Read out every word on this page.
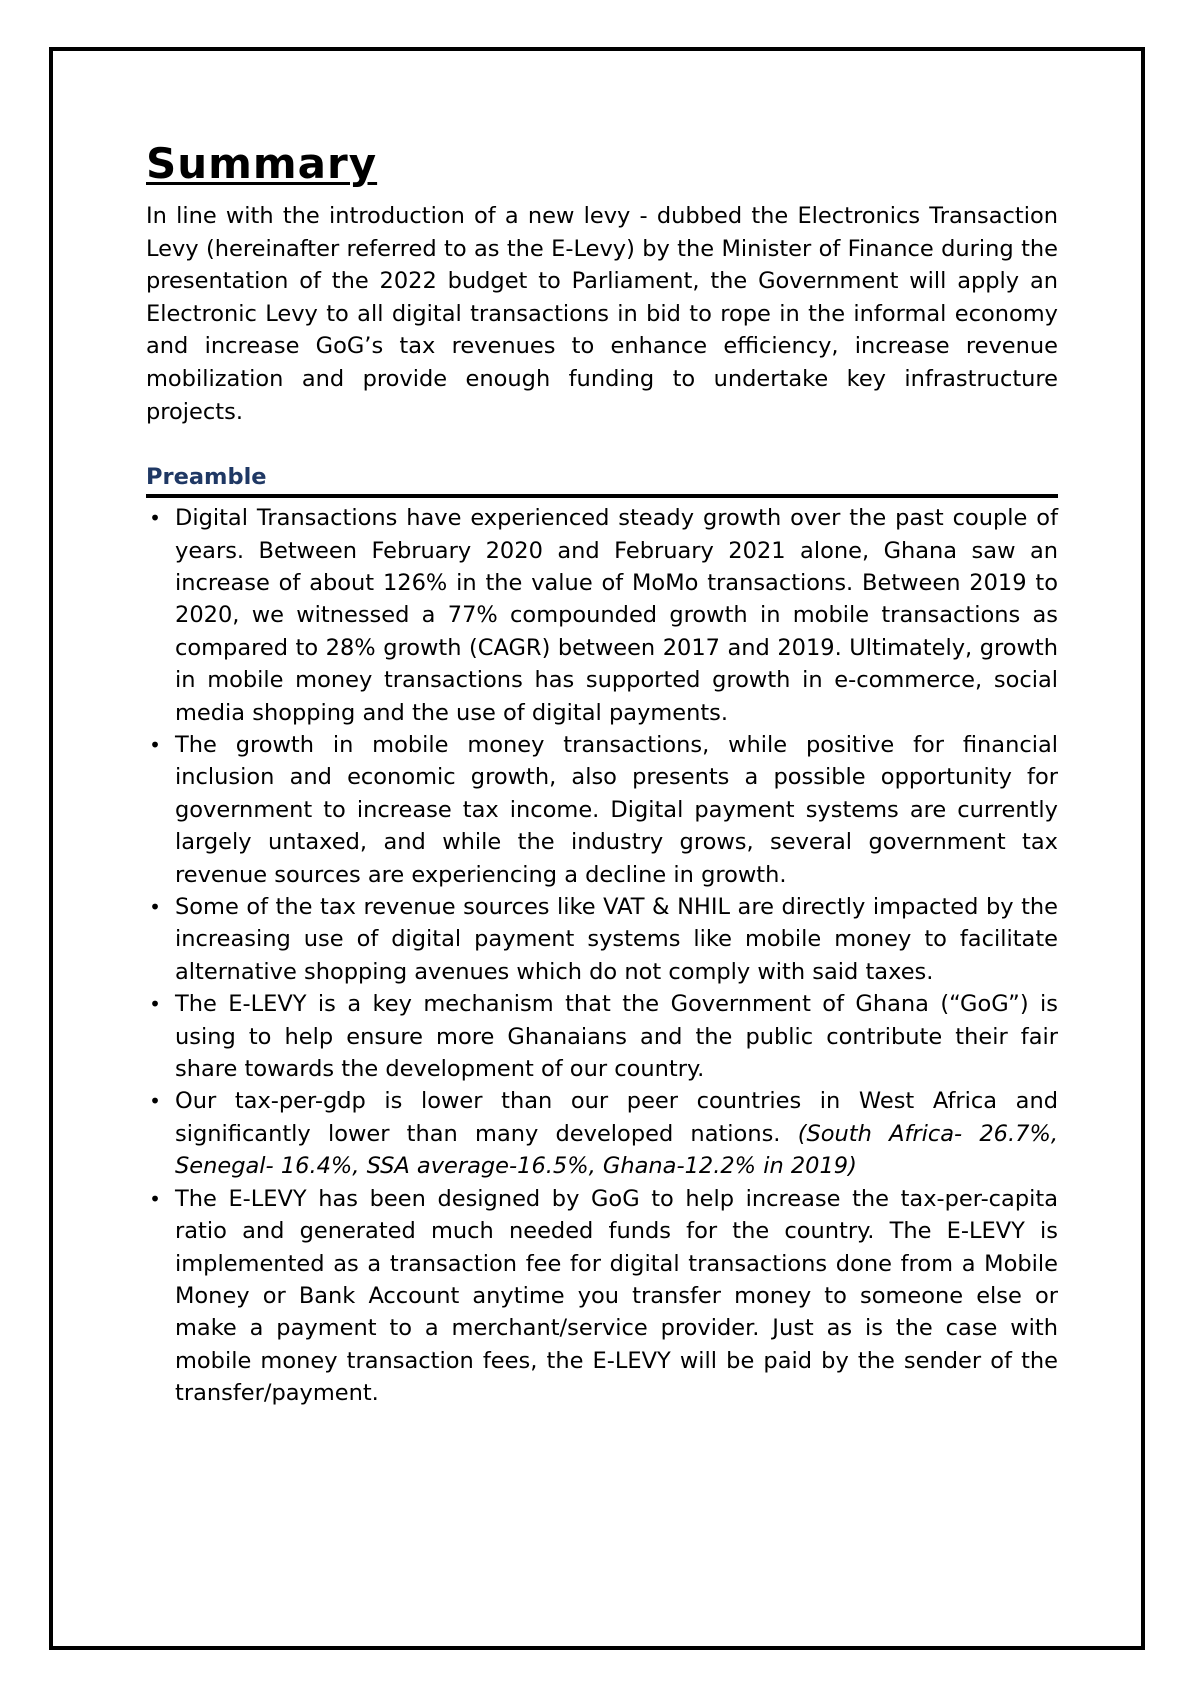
Summary

In line with the introduction of a new levy - dubbed the Electronics Transaction Levy (hereinafter referred to as the E-Levy) by the Minister of Finance during the presentation of the 2022 budget to Parliament, the Government will apply an Electronic Levy to all digital transactions in bid to rope in the informal economy and increase GoG’s tax revenues to enhance efficiency, increase revenue mobilization and provide enough funding to undertake key infrastructure projects.

Preamble
• Digital Transactions have experienced steady growth over the past couple of years. Between February 2020 and February 2021 alone, Ghana saw an increase of about 126% in the value of MoMo transactions. Between 2019 to 2020, we witnessed a 77% compounded growth in mobile transactions as compared to 28% growth (CAGR) between 2017 and 2019. Ultimately, growth in mobile money transactions has supported growth in e-commerce, social media shopping and the use of digital payments.
• The growth in mobile money transactions, while positive for financial inclusion and economic growth, also presents a possible opportunity for government to increase tax income. Digital payment systems are currently largely untaxed, and while the industry grows, several government tax revenue sources are experiencing a decline in growth.
• Some of the tax revenue sources like VAT & NHIL are directly impacted by the increasing use of digital payment systems like mobile money to facilitate alternative shopping avenues which do not comply with said taxes.
• The E-LEVY is a key mechanism that the Government of Ghana (“GoG”) is using to help ensure more Ghanaians and the public contribute their fair share towards the development of our country.
• Our tax-per-gdp is lower than our peer countries in West Africa and significantly lower than many developed nations. (South Africa- 26.7%, Senegal- 16.4%, SSA average-16.5%, Ghana-12.2% in 2019)
• The E-LEVY has been designed by GoG to help increase the tax-per-capita ratio and generated much needed funds for the country. The E-LEVY is implemented as a transaction fee for digital transactions done from a Mobile Money or Bank Account anytime you transfer money to someone else or make a payment to a merchant/service provider. Just as is the case with mobile money transaction fees, the E-LEVY will be paid by the sender of the transfer/payment.
